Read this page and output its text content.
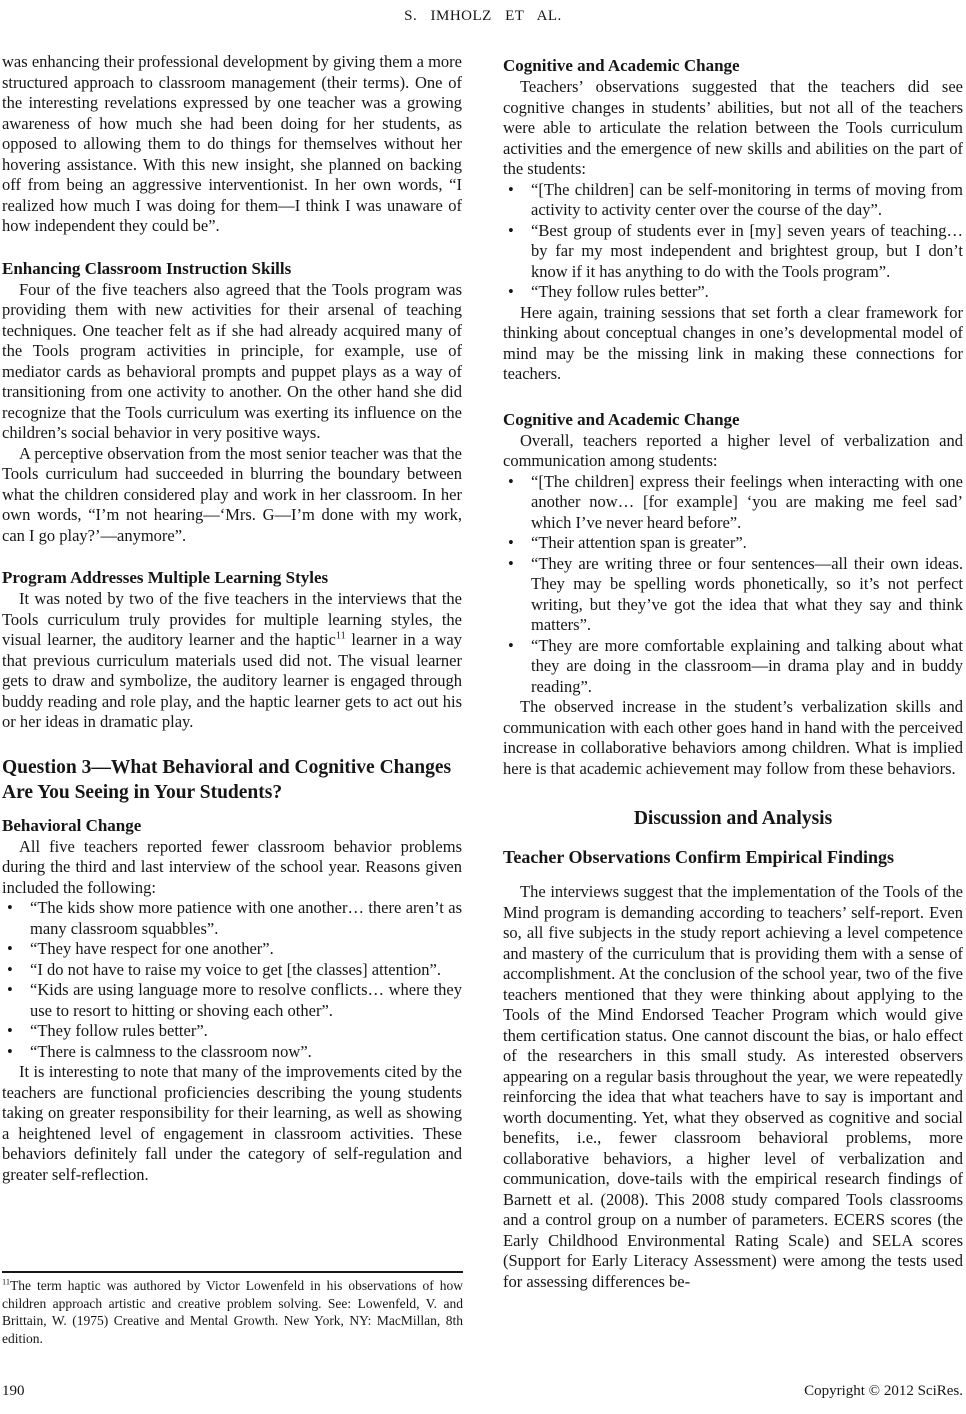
S. IMHOLZ ET AL.

was enhancing their professional development by giving them a more structured approach to classroom management (their terms). One of the interesting revelations expressed by one teacher was a growing awareness of how much she had been doing for her students, as opposed to allowing them to do things for themselves without her hovering assistance. With this new insight, she planned on backing off from being an aggressive interventionist. In her own words, “I realized how much I was doing for them—I think I was unaware of how independent they could be”.

Enhancing Classroom Instruction Skills

Four of the five teachers also agreed that the Tools program was providing them with new activities for their arsenal of teaching techniques. One teacher felt as if she had already acquired many of the Tools program activities in principle, for example, use of mediator cards as behavioral prompts and puppet plays as a way of transitioning from one activity to another. On the other hand she did recognize that the Tools curriculum was exerting its influence on the children’s social behavior in very positive ways.

A perceptive observation from the most senior teacher was that the Tools curriculum had succeeded in blurring the boundary between what the children considered play and work in her classroom. In her own words, “I’m not hearing—‘Mrs. G—I’m done with my work, can I go play?’—anymore”.

Program Addresses Multiple Learning Styles

It was noted by two of the five teachers in the interviews that the Tools curriculum truly provides for multiple learning styles, the visual learner, the auditory learner and the haptic$^{11}$ learner in a way that previous curriculum materials used did not. The visual learner gets to draw and symbolize, the auditory learner is engaged through buddy reading and role play, and the haptic learner gets to act out his or her ideas in dramatic play.

Question 3—What Behavioral and Cognitive Changes Are You Seeing in Your Students?
Behavioral Change

All five teachers reported fewer classroom behavior problems during the third and last interview of the school year. Reasons given included the following:

•	“The kids show more patience with one another… there aren’t as many classroom squabbles”.
•	“They have respect for one another”.
•	“I do not have to raise my voice to get [the classes] attention”.
•	“Kids are using language more to resolve conflicts… where they use to resort to hitting or shoving each other”.
•	“They follow rules better”.
•	“There is calmness to the classroom now”.

It is interesting to note that many of the improvements cited by the teachers are functional proficiencies describing the young students taking on greater responsibility for their learning, as well as showing a heightened level of engagement in classroom activities. These behaviors definitely fall under the category of self-regulation and greater self-reflection.

Cognitive and Academic Change

Teachers’ observations suggested that the teachers did see cognitive changes in students’ abilities, but not all of the teachers were able to articulate the relation between the Tools curriculum activities and the emergence of new skills and abilities on the part of the students:

•	“[The children] can be self-monitoring in terms of moving from activity to activity center over the course of the day”.
•	“Best group of students ever in [my] seven years of teaching… by far my most independent and brightest group, but I don’t know if it has anything to do with the Tools program”.
•	“They follow rules better”.

Here again, training sessions that set forth a clear framework for thinking about conceptual changes in one’s developmental model of mind may be the missing link in making these connections for teachers.

Cognitive and Academic Change

Overall, teachers reported a higher level of verbalization and communication among students:

•	“[The children] express their feelings when interacting with one another now… [for example] ‘you are making me feel sad’ which I’ve never heard before”.
•	“Their attention span is greater”.
•	“They are writing three or four sentences—all their own ideas. They may be spelling words phonetically, so it’s not perfect writing, but they’ve got the idea that what they say and think matters”.
•	“They are more comfortable explaining and talking about what they are doing in the classroom—in drama play and in buddy reading”.

The observed increase in the student’s verbalization skills and communication with each other goes hand in hand with the perceived increase in collaborative behaviors among children. What is implied here is that academic achievement may follow from these behaviors.

Discussion and Analysis
Teacher Observations Confirm Empirical Findings

The interviews suggest that the implementation of the Tools of the Mind program is demanding according to teachers’ self-report. Even so, all five subjects in the study report achieving a level competence and mastery of the curriculum that is providing them with a sense of accomplishment. At the conclusion of the school year, two of the five teachers mentioned that they were thinking about applying to the Tools of the Mind Endorsed Teacher Program which would give them certification status. One cannot discount the bias, or halo effect of the researchers in this small study. As interested observers appearing on a regular basis throughout the year, we were repeatedly reinforcing the idea that what teachers have to say is important and worth documenting. Yet, what they observed as cognitive and social benefits, i.e., fewer classroom behavioral problems, more collaborative behaviors, a higher level of verbalization and communication, dove-tails with the empirical research findings of Barnett et al. (2008). This 2008 study compared Tools classrooms and a control group on a number of parameters. ECERS scores (the Early Childhood Environmental Rating Scale) and SELA scores (Support for Early Literacy Assessment) were among the tests used for assessing differences be-

$^{11}$The term haptic was authored by Victor Lowenfeld in his observations of how children approach artistic and creative problem solving. See: Lowenfeld, V. and Brittain, W. (1975) Creative and Mental Growth. New York, NY: MacMillan, 8th edition.

190	Copyright © 2012 SciRes.
